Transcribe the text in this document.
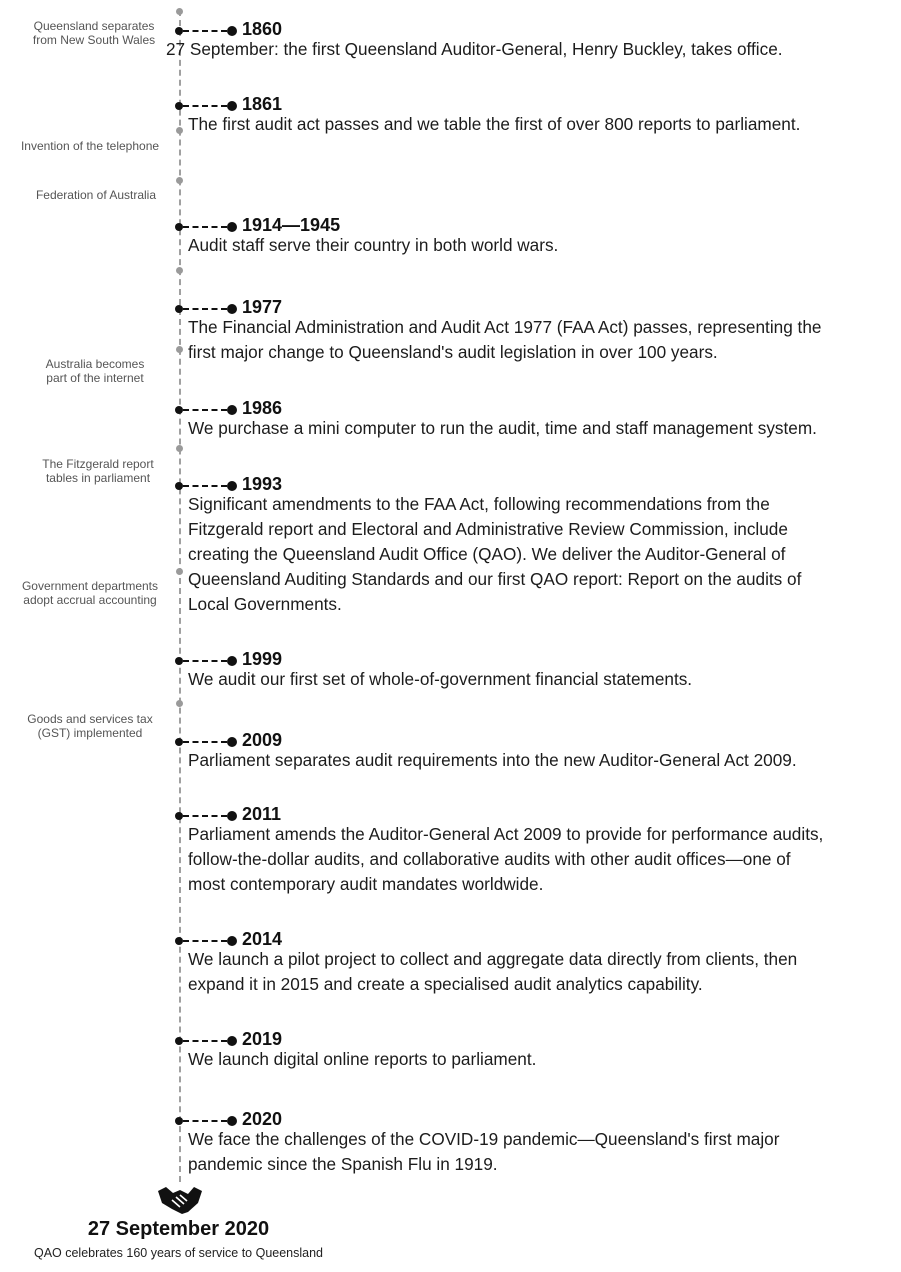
Queensland separates
from New South Wales
Invention of the telephone
Federation of Australia
Australia becomes
part of the internet
The Fitzgerald report
tables in parliament
Government departments
adopt accrual accounting
Goods and services tax
(GST) implemented
1860
27 September: the first Queensland Auditor-General, Henry Buckley, takes office.
1861
The first audit act passes and we table the first of over 800 reports to parliament.
1914—1945
Audit staff serve their country in both world wars.
1977
The Financial Administration and Audit Act 1977 (FAA Act) passes, representing the
first major change to Queensland's audit legislation in over 100 years.
1986
We purchase a mini computer to run the audit, time and staff management system.
1993
Significant amendments to the FAA Act, following recommendations from the
Fitzgerald report and Electoral and Administrative Review Commission, include
creating the Queensland Audit Office (QAO). We deliver the Auditor-General of
Queensland Auditing Standards and our first QAO report: Report on the audits of
Local Governments.
1999
We audit our first set of whole-of-government financial statements.
2009
Parliament separates audit requirements into the new Auditor-General Act 2009.
2011
Parliament amends the Auditor-General Act 2009 to provide for performance audits,
follow-the-dollar audits, and collaborative audits with other audit offices—one of
most contemporary audit mandates worldwide.
2014
We launch a pilot project to collect and aggregate data directly from clients, then
expand it in 2015 and create a specialised audit analytics capability.
2019
We launch digital online reports to parliament.
2020
We face the challenges of the COVID-19 pandemic—Queensland's first major
pandemic since the Spanish Flu in 1919.
27 September 2020
QAO celebrates 160 years of service to Queensland
